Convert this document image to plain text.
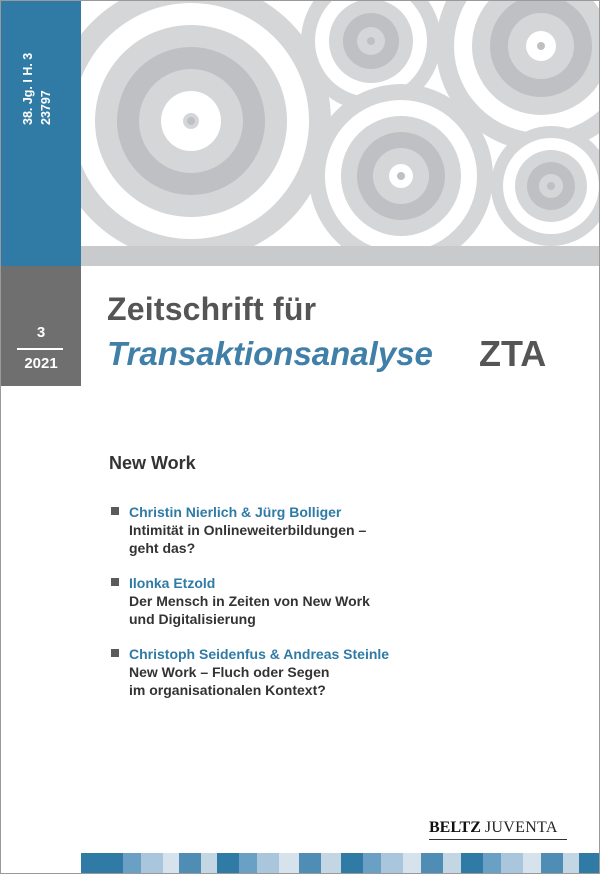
38. Jg. I H. 3 23797
3
2021
Zeitschrift für
Transaktionsanalyse ZTA
New Work
Christin Nierlich & Jürg Bolliger
Intimität in Onlineweiterbildungen –
geht das?
Ilonka Etzold
Der Mensch in Zeiten von New Work
und Digitalisierung
Christoph Seidenfus & Andreas Steinle
New Work – Fluch oder Segen
im organisationalen Kontext?
BELTZ JUVENTA
